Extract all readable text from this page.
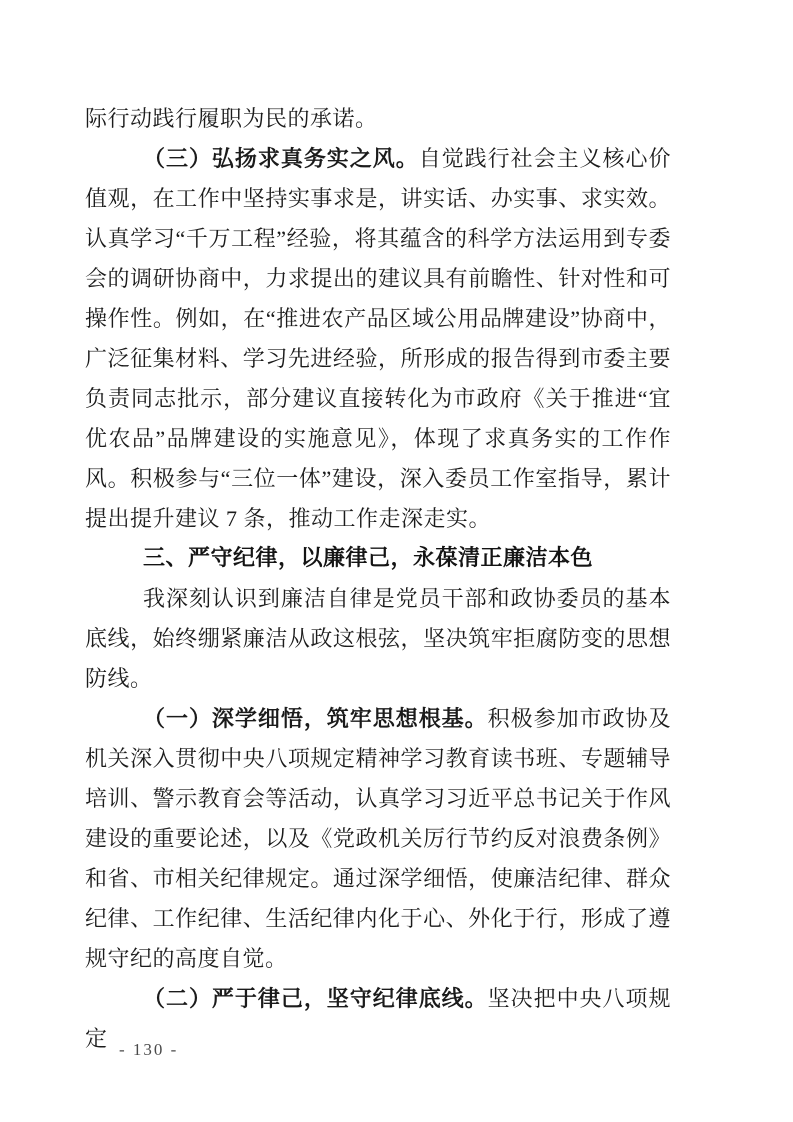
际行动践行履职为民的承诺。

（三）弘扬求真务实之风。自觉践行社会主义核心价值观，在工作中坚持实事求是，讲实话、办实事、求实效。认真学习“千万工程”经验，将其蕴含的科学方法运用到专委会的调研协商中，力求提出的建议具有前瞻性、针对性和可操作性。例如，在“推进农产品区域公用品牌建设”协商中，广泛征集材料、学习先进经验，所形成的报告得到市委主要负责同志批示，部分建议直接转化为市政府《关于推进“宜优农品”品牌建设的实施意见》，体现了求真务实的工作作风。积极参与“三位一体”建设，深入委员工作室指导，累计提出提升建议 7 条，推动工作走深走实。

三、严守纪律，以廉律己，永葆清正廉洁本色

我深刻认识到廉洁自律是党员干部和政协委员的基本底线，始终绷紧廉洁从政这根弦，坚决筑牢拒腐防变的思想防线。

（一）深学细悟，筑牢思想根基。积极参加市政协及机关深入贯彻中央八项规定精神学习教育读书班、专题辅导培训、警示教育会等活动，认真学习习近平总书记关于作风建设的重要论述，以及《党政机关厉行节约反对浪费条例》和省、市相关纪律规定。通过深学细悟，使廉洁纪律、群众纪律、工作纪律、生活纪律内化于心、外化于行，形成了遵规守纪的高度自觉。

（二）严于律己，坚守纪律底线。坚决把中央八项规定 - 130 -
